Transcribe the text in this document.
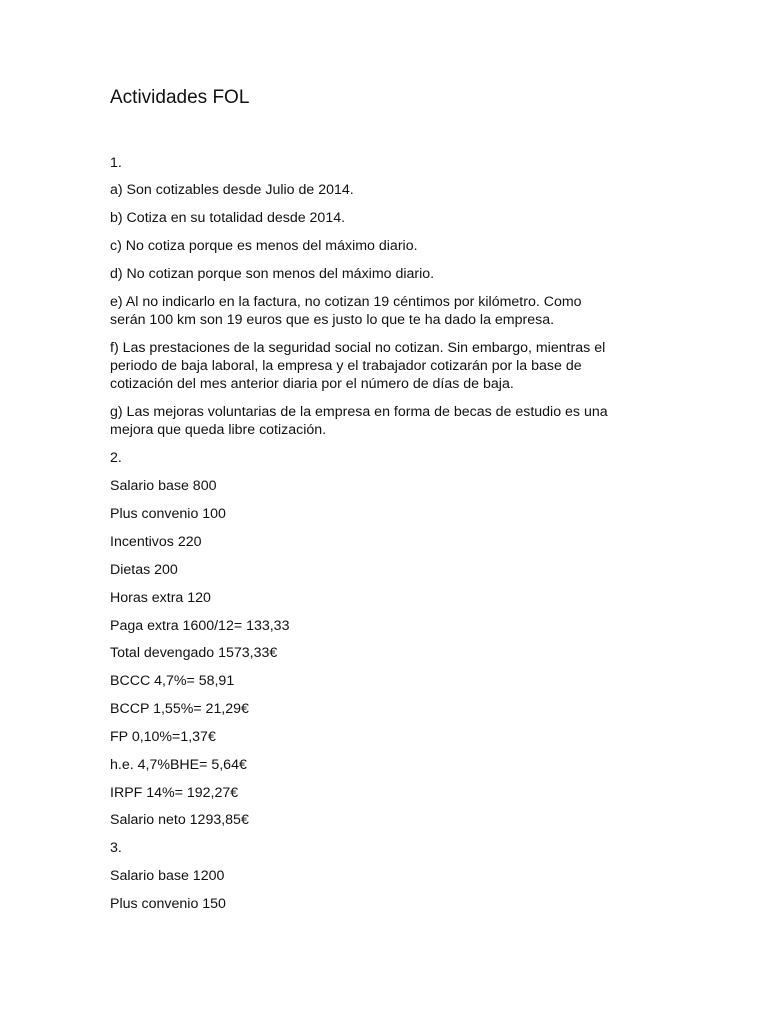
Actividades FOL
1.
a) Son cotizables desde Julio de 2014.
b) Cotiza en su totalidad desde 2014.
c) No cotiza porque es menos del máximo diario.
d) No cotizan porque son menos del máximo diario.
e) Al no indicarlo en la factura, no cotizan 19 céntimos por kilómetro. Como
serán 100 km son 19 euros que es justo lo que te ha dado la empresa.
f) Las prestaciones de la seguridad social no cotizan. Sin embargo, mientras el
periodo de baja laboral, la empresa y el trabajador cotizarán por la base de
cotización del mes anterior diaria por el número de días de baja.
g) Las mejoras voluntarias de la empresa en forma de becas de estudio es una
mejora que queda libre cotización.
2.
Salario base 800
Plus convenio 100
Incentivos 220
Dietas 200
Horas extra 120
Paga extra 1600/12= 133,33
Total devengado 1573,33€
BCCC 4,7%= 58,91
BCCP 1,55%= 21,29€
FP 0,10%=1,37€
h.e. 4,7%BHE= 5,64€
IRPF 14%= 192,27€
Salario neto 1293,85€
3.
Salario base 1200
Plus convenio 150
